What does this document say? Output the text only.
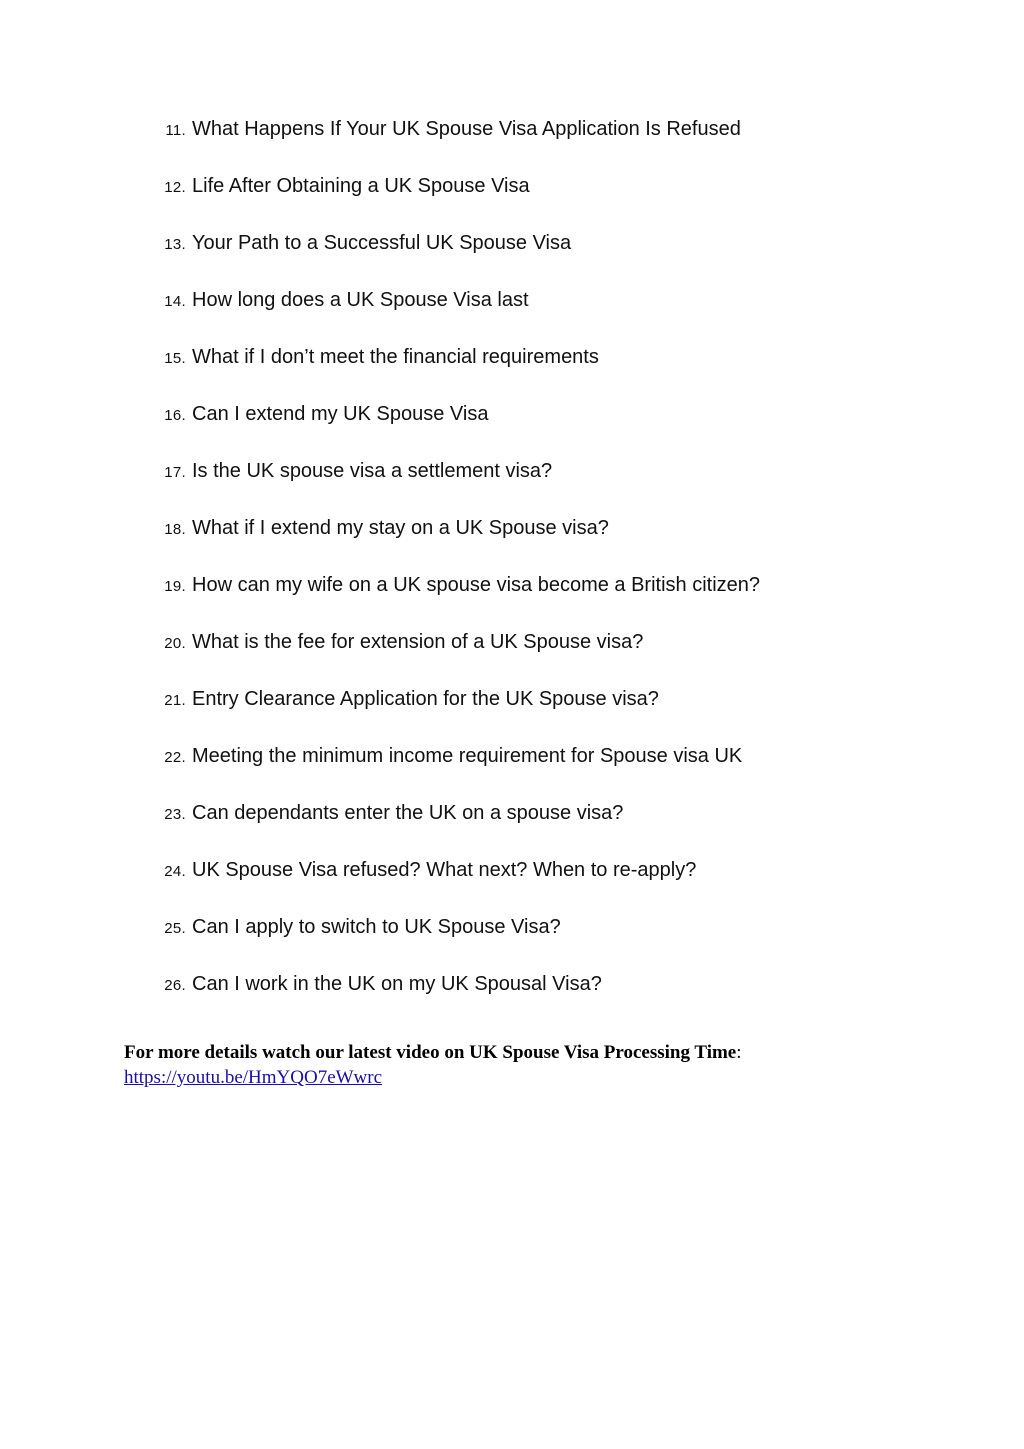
11. What Happens If Your UK Spouse Visa Application Is Refused
12. Life After Obtaining a UK Spouse Visa
13. Your Path to a Successful UK Spouse Visa
14. How long does a UK Spouse Visa last
15. What if I don’t meet the financial requirements
16. Can I extend my UK Spouse Visa
17. Is the UK spouse visa a settlement visa?
18. What if I extend my stay on a UK Spouse visa?
19. How can my wife on a UK spouse visa become a British citizen?
20. What is the fee for extension of a UK Spouse visa?
21. Entry Clearance Application for the UK Spouse visa?
22. Meeting the minimum income requirement for Spouse visa UK
23. Can dependants enter the UK on a spouse visa?
24. UK Spouse Visa refused? What next? When to re-apply?
25. Can I apply to switch to UK Spouse Visa?
26. Can I work in the UK on my UK Spousal Visa?
For more details watch our latest video on UK Spouse Visa Processing Time:
https://youtu.be/HmYQO7eWwrc
